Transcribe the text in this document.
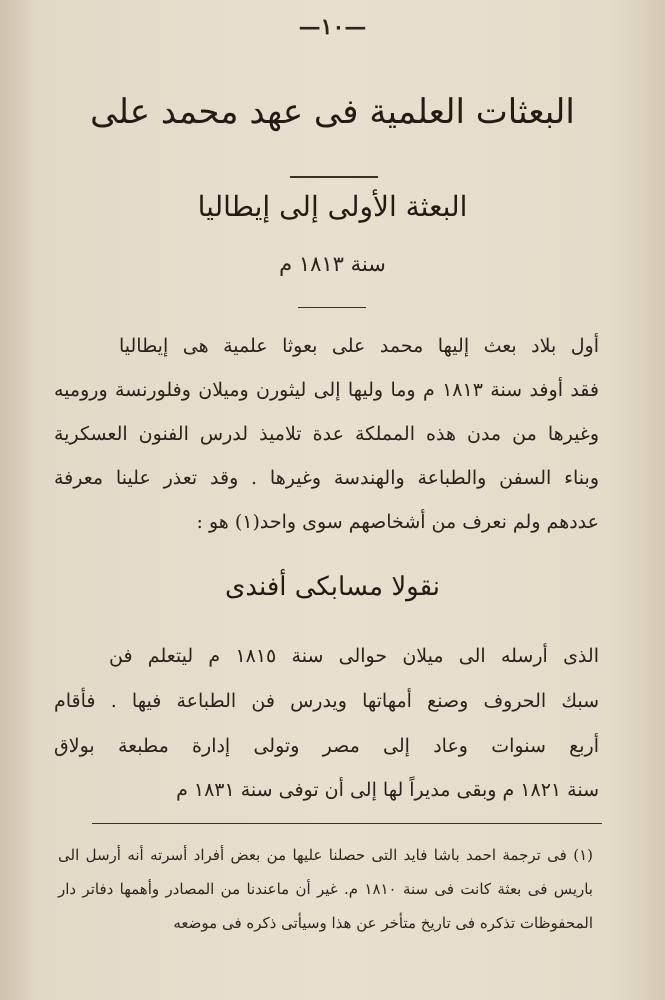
—١٠—
البعثات العلمية فى عهد محمد على
البعثة الأولى إلى إيطاليا
سنة ١٨١٣ م
أول بلاد بعث إليها محمد على بعوثا علمية هى إيطاليا
فقد أوفد سنة ١٨١٣ م وما وليها إلى ليثورن وميلان وفلورنسة وروميه
وغيرها من مدن هذه المملكة عدة تلاميذ لدرس الفنون العسكرية
وبناء السفن والطباعة والهندسة وغيرها . وقد تعذر علينا معرفة
عددهم ولم نعرف من أشخاصهم سوى واحد(١) هو :
نقولا مسابكى أفندى
الذى أرسله الى ميلان حوالى سنة ١٨١٥ م ليتعلم فن
سبك الحروف وصنع أمهاتها ويدرس فن الطباعة فيها . فأقام
أربع سنوات وعاد إلى مصر وتولى إدارة مطبعة بولاق
سنة ١٨٢١ م وبقى مديراً لها إلى أن توفى سنة ١٨٣١ م
(١) فى ترجمة احمد باشا فايد التى حصلنا عليها من بعض أفراد أسرته أنه أرسل الى
باريس فى بعثة كانت فى سنة ١٨١٠ م. غير أن ماعندنا من المصادر وأهمها دفاتر دار
المحفوظات تذكره فى تاريخ متأخر عن هذا وسيأتى ذكره فى موضعه
